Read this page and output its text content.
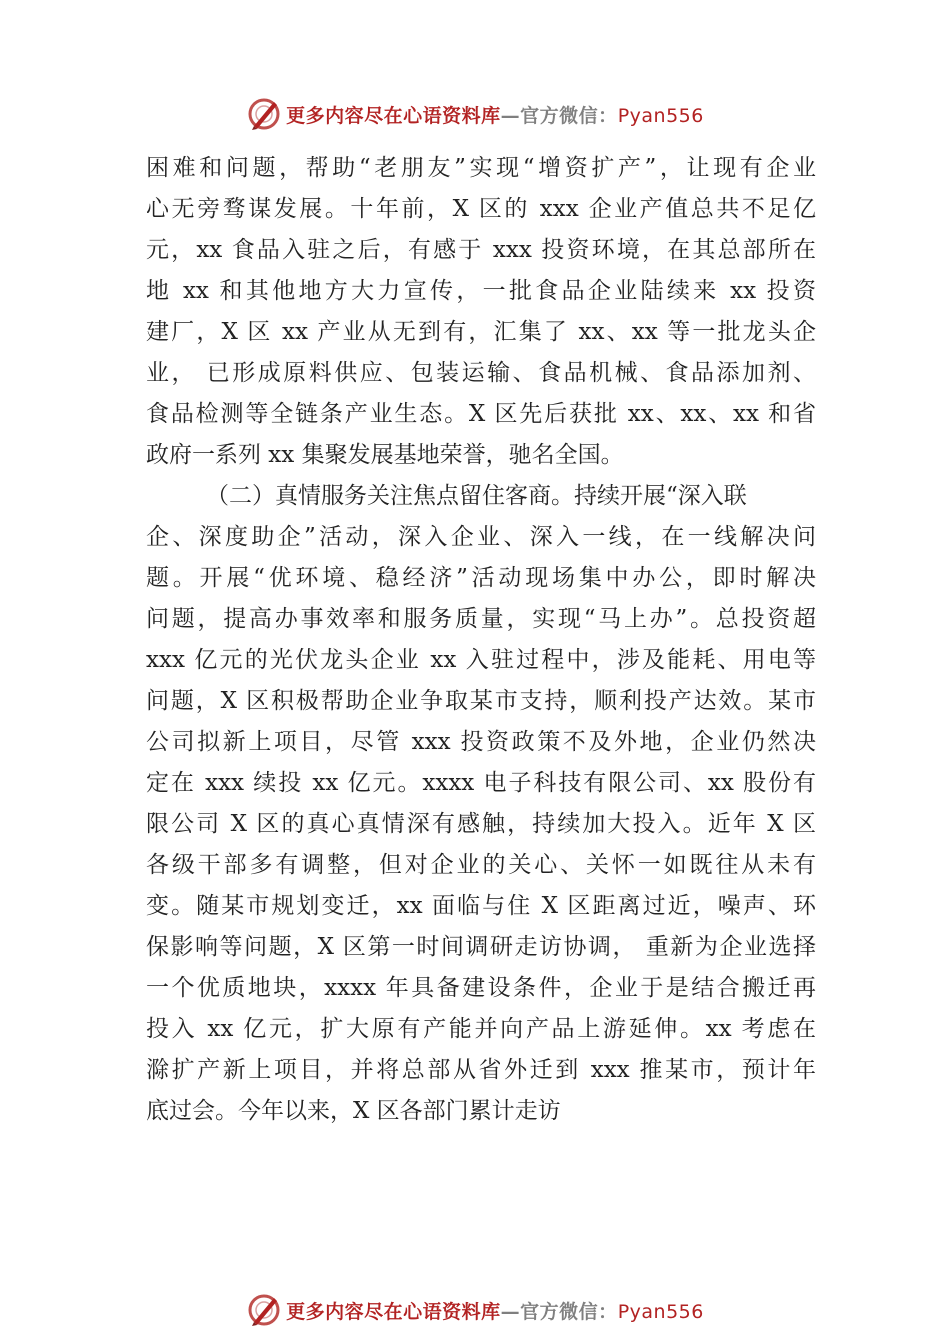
更多内容尽在心语资料库—官方微信：Pyan556
困难和问题，帮助“老朋友”实现“增资扩产”，让现有企业
心无旁骛谋发展。十年前，X 区的 xxx 企业产值总共不足亿
元，xx 食品入驻之后，有感于 xxx 投资环境，在其总部所在
地 xx 和其他地方大力宣传，一批食品企业陆续来 xx 投资
建厂，X 区 xx 产业从无到有，汇集了 xx、xx 等一批龙头企
业， 已形成原料供应、包装运输、食品机械、食品添加剂、
食品检测等全链条产业生态。X 区先后获批 xx、xx、xx 和省
政府一系列 xx 集聚发展基地荣誉，驰名全国。
（二）真情服务关注焦点留住客商。持续开展“深入联
企、深度助企”活动，深入企业、深入一线，在一线解决问
题。开展“优环境、稳经济”活动现场集中办公，即时解决
问题，提高办事效率和服务质量，实现“马上办”。总投资超
xxx 亿元的光伏龙头企业 xx 入驻过程中，涉及能耗、用电等
问题，X 区积极帮助企业争取某市支持，顺利投产达效。某市
公司拟新上项目，尽管 xxx 投资政策不及外地，企业仍然决
定在 xxx 续投 xx 亿元。xxxx 电子科技有限公司、xx 股份有
限公司 X 区的真心真情深有感触，持续加大投入。近年 X 区
各级干部多有调整，但对企业的关心、关怀一如既往从未有
变。随某市规划变迁，xx 面临与住 X 区距离过近，噪声、环
保影响等问题，X 区第一时间调研走访协调， 重新为企业选择
一个优质地块，xxxx 年具备建设条件，企业于是结合搬迁再
投入 xx 亿元，扩大原有产能并向产品上游延伸。xx 考虑在
滁扩产新上项目，并将总部从省外迁到 xxx 推某市，预计年
底过会。今年以来，X 区各部门累计走访
更多内容尽在心语资料库—官方微信：Pyan556
